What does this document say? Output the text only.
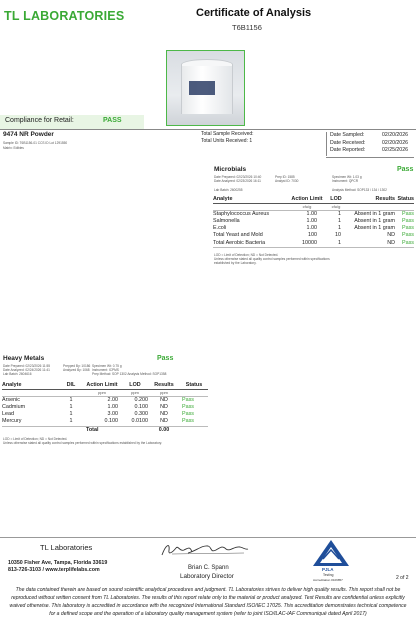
TL LABORATORIES	Certificate of Analysis
T6B1156
Compliance for Retail:	PASS
9474 NR Powder
Sample ID: T6B1156-01 CCS ID Lot 1291550
Matrix: Edibles
Total Sample Received:
Total Units Received: 1
Date Sampled:	02/20/2026
Date Received:	02/20/2026
Date Reported:	02/25/2026
Microbials	Pass
Date Prepared: 02/23/2026 10:40
Date Analyzed: 02/23/2026 16:11
Lab Batch: 2600255
Prep ID: 1585
Analyst ID: 7030
Specimen Wt: 1.03 g
Instrument: QPCR
Analysis Method: SOP133 / 134 / 1302
Analyte	Action Limit	LOD	Results	Status
	cfu/g	cfu/g		
Staphylococcus Aureus	1.00	1	Absent in 1 gram	Pass
Salmonella	1.00	1	Absent in 1 gram	Pass
E.coli	1.00	1	Absent in 1 gram	Pass
Total Yeast and Mold	100	10	ND	Pass
Total Aerobic Bacteria	10000	1	ND	Pass
LOD = Limit of Detection; ND = Not Detected.
Unless otherwise stated all quality control samples performed within specifications
established by the Laboratory.
Heavy Metals	Pass
Date Prepared: 02/23/2026 11:55
Date Analyzed: 02/24/2026 11:41
Lab Batch: 2604616
Prepped By: 10186
Analyzed By: 1068
Specimen Wt: 0.75 g
Instrument: ICPMS
Prep Method: SOP 1302 Analysis Method: SOP1358
Analyte	DIL	Action Limit	LOD	Results	Status
		ppm	ppm	ppm	
Arsenic	1	2.00	0.200	ND	Pass
Cadmium	1	1.00	0.100	ND	Pass
Lead	1	3.00	0.300	ND	Pass
Mercury	1	0.100	0.0100	ND	Pass
Total				0.00	
LOD = Limit of Detection; ND = Not Detected.
Unless otherwise stated all quality control samples performed within specifications established by the Laboratory.
TL Laboratories
10350 Fisher Ave, Tampa, Florida 33619
813-726-3103 / www.terplifelabs.com	Brian C. Spann
Laboratory Director
PJLA
Testing
Accreditation #109857	2 of 2
The data contained therein are based on sound scientific analytical procedures and judgment. TL Laboratories strives to deliver high quality results. This report shall not be reproduced without written consent from TL Laboratories. The results of this report relate only to the material or product analyzed. Test Results are confidential unless explicitly waived otherwise. This laboratory is accredited in accordance with the recognized International Standard ISO/IEC 17025. This accreditation demonstrates technical competence for a defined scope and the operation of a laboratory quality management system (refer to joint ISO/ILAC-IAF Communiqué dated April 2017)
